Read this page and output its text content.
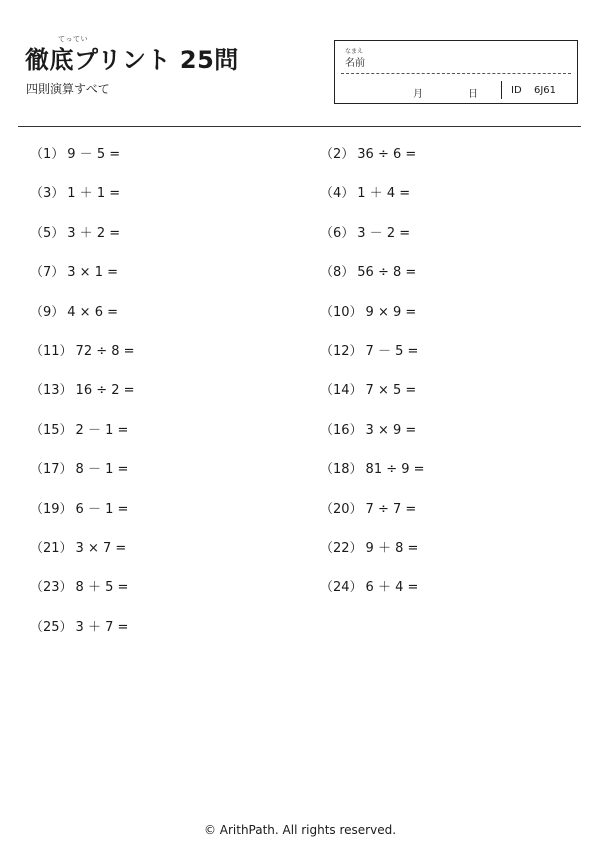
てってい
徹底プリント 25問
四則演算すべて
なまえ
名前
月	日	ID 6J61
（1） 9 － 5 =	（2） 36 ÷ 6 =
（3） 1 ＋ 1 =	（4） 1 ＋ 4 =
（5） 3 ＋ 2 =	（6） 3 － 2 =
（7） 3 × 1 =	（8） 56 ÷ 8 =
（9） 4 × 6 =	（10） 9 × 9 =
（11） 72 ÷ 8 =	（12） 7 － 5 =
（13） 16 ÷ 2 =	（14） 7 × 5 =
（15） 2 － 1 =	（16） 3 × 9 =
（17） 8 － 1 =	（18） 81 ÷ 9 =
（19） 6 － 1 =	（20） 7 ÷ 7 =
（21） 3 × 7 =	（22） 9 ＋ 8 =
（23） 8 ＋ 5 =	（24） 6 ＋ 4 =
（25） 3 ＋ 7 =
© ArithPath. All rights reserved.
